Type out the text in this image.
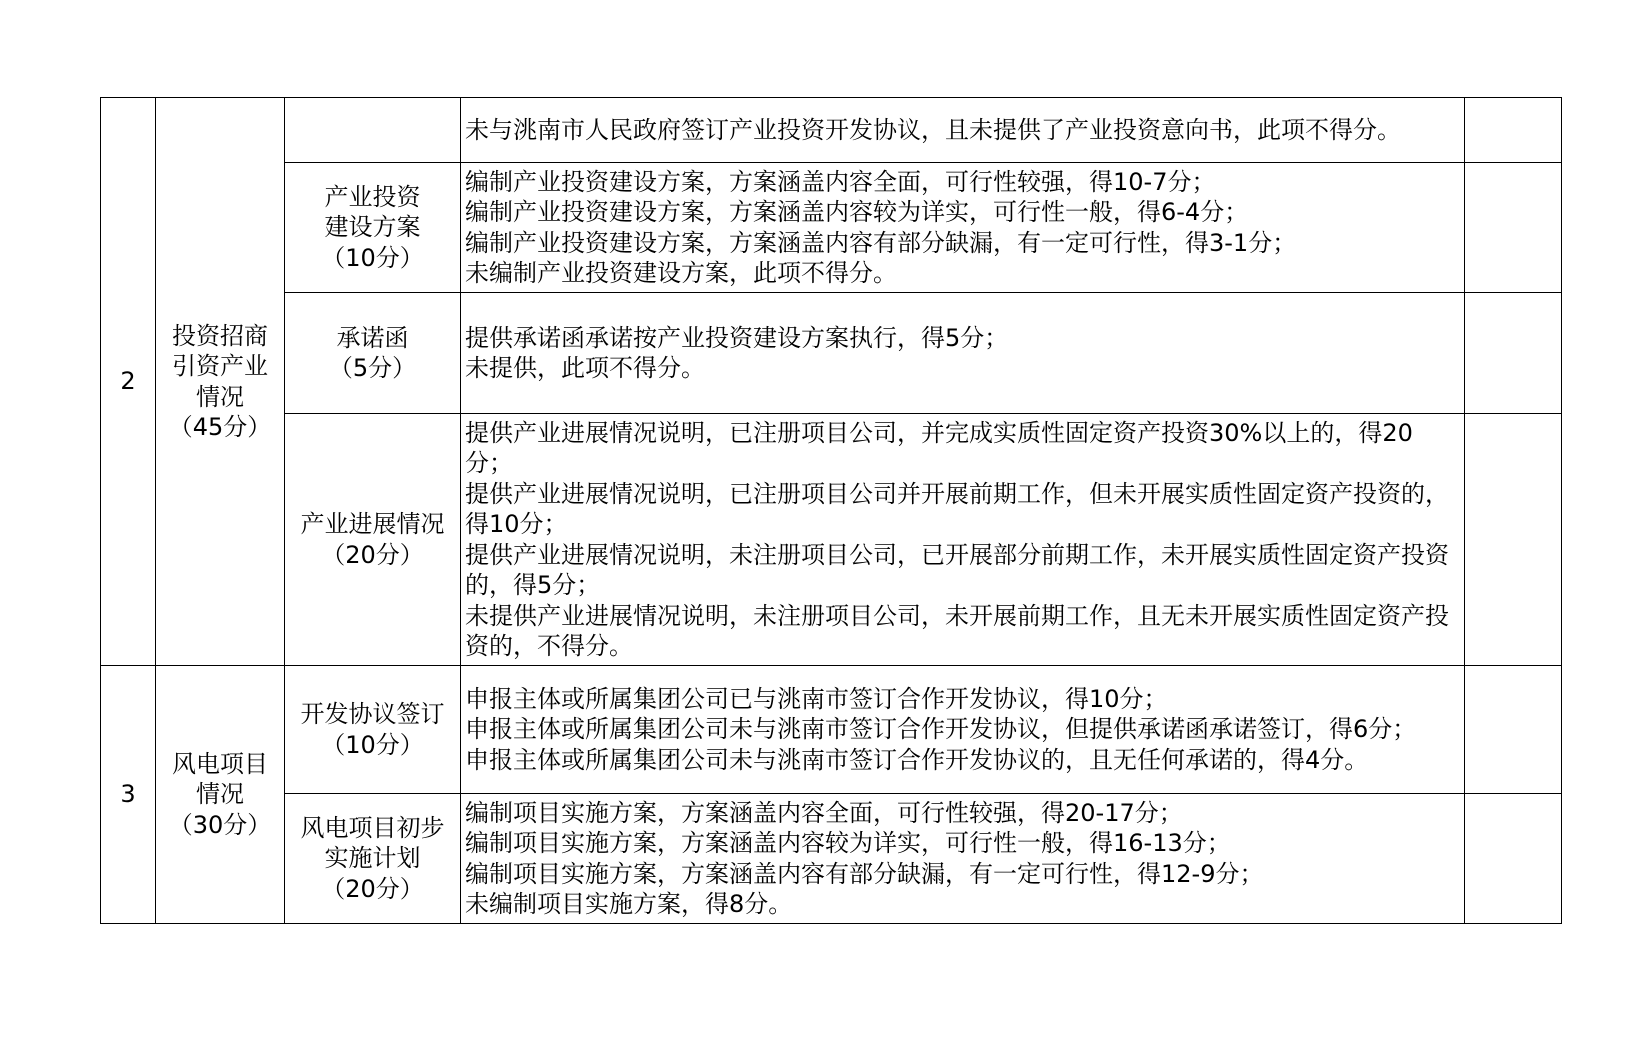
2	投资招商
引资产业
情况
（45分）		未与洮南市人民政府签订产业投资开发协议，且未提供了产业投资意向书，此项不得分。	

		产业投资
建设方案
（10分）	编制产业投资建设方案，方案涵盖内容全面，可行性较强，得10-7分；
编制产业投资建设方案，方案涵盖内容较为详实，可行性一般，得6-4分；
编制产业投资建设方案，方案涵盖内容有部分缺漏，有一定可行性，得3-1分；
未编制产业投资建设方案，此项不得分。	

		承诺函
（5分）	提供承诺函承诺按产业投资建设方案执行，得5分；
未提供，此项不得分。	

		产业进展情况
（20分）	提供产业进展情况说明，已注册项目公司，并完成实质性固定资产投资30%以上的，得20分；
提供产业进展情况说明，已注册项目公司并开展前期工作，但未开展实质性固定资产投资的，得10分；
提供产业进展情况说明，未注册项目公司，已开展部分前期工作，未开展实质性固定资产投资的，得5分；
未提供产业进展情况说明，未注册项目公司，未开展前期工作，且无未开展实质性固定资产投资的，不得分。	

3	风电项目
情况
（30分）	开发协议签订
（10分）	申报主体或所属集团公司已与洮南市签订合作开发协议，得10分；
申报主体或所属集团公司未与洮南市签订合作开发协议，但提供承诺函承诺签订，得6分；
申报主体或所属集团公司未与洮南市签订合作开发协议的，且无任何承诺的，得4分。	

		风电项目初步
实施计划
（20分）	编制项目实施方案，方案涵盖内容全面，可行性较强，得20-17分；
编制项目实施方案，方案涵盖内容较为详实，可行性一般，得16-13分；
编制项目实施方案，方案涵盖内容有部分缺漏，有一定可行性，得12-9分；
未编制项目实施方案，得8分。	
